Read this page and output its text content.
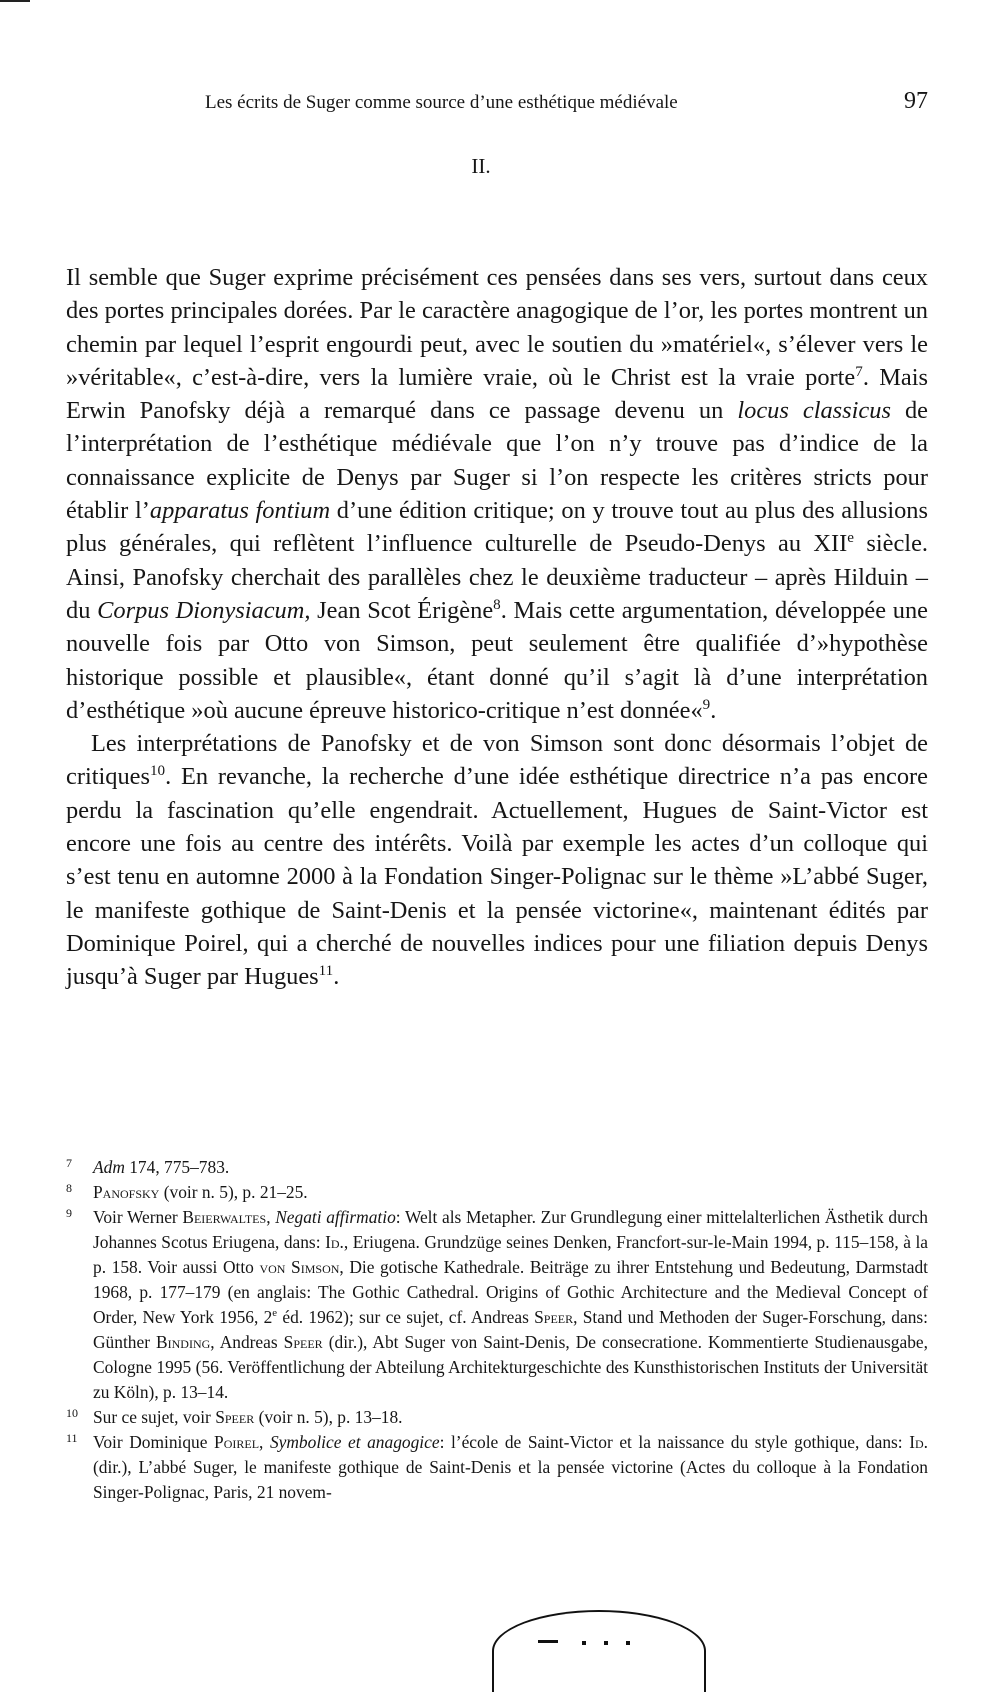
Les écrits de Suger comme source d’une esthétique médiévale	97
II.

Il semble que Suger exprime précisément ces pensées dans ses vers, surtout dans ceux des portes principales dorées. Par le caractère anagogique de l’or, les portes montrent un chemin par lequel l’esprit engourdi peut, avec le soutien du »matériel«, s’élever vers le »véritable«, c’est-à-dire, vers la lumière vraie, où le Christ est la vraie porte$^7$. Mais Erwin Panofsky déjà a remarqué dans ce passage devenu un locus classicus de l’interprétation de l’esthétique médiévale que l’on n’y trouve pas d’indice de la connaissance explicite de Denys par Suger si l’on respecte les critères stricts pour établir l’apparatus fontium d’une édition critique; on y trouve tout au plus des allusions plus générales, qui reflètent l’influence culturelle de Pseudo-Denys au XIIe siècle. Ainsi, Panofsky cherchait des parallèles chez le deuxième traducteur – après Hilduin – du Corpus Dionysiacum, Jean Scot Érigène$^8$. Mais cette argumentation, développée une nouvelle fois par Otto von Simson, peut seulement être qualifiée d’»hypothèse historique possible et plausible«, étant donné qu’il s’agit là d’une interprétation d’esthétique »où aucune épreuve historico-critique n’est donnée«$^9$.

Les interprétations de Panofsky et de von Simson sont donc désormais l’objet de critiques$^{10}$. En revanche, la recherche d’une idée esthétique directrice n’a pas encore perdu la fascination qu’elle engendrait. Actuellement, Hugues de Saint-Victor est encore une fois au centre des intérêts. Voilà par exemple les actes d’un colloque qui s’est tenu en automne 2000 à la Fondation Singer-Polignac sur le thème »L’abbé Suger, le manifeste gothique de Saint-Denis et la pensée victorine«, maintenant édités par Dominique Poirel, qui a cherché de nouvelles indices pour une filiation depuis Denys jusqu’à Suger par Hugues$^{11}$.

7	Adm 174, 775–783.
8	Panofsky (voir n. 5), p. 21–25.
9	Voir Werner Beierwaltes, Negati affirmatio: Welt als Metapher. Zur Grundlegung einer mittelalterlichen Ästhetik durch Johannes Scotus Eriugena, dans: Id., Eriugena. Grundzüge seines Denken, Francfort-sur-le-Main 1994, p. 115–158, à la p. 158. Voir aussi Otto von Simson, Die gotische Kathedrale. Beiträge zu ihrer Entstehung und Bedeutung, Darmstadt 1968, p. 177–179 (en anglais: The Gothic Cathedral. Origins of Gothic Architecture and the Medieval Concept of Order, New York 1956, 2e éd. 1962); sur ce sujet, cf. Andreas Speer, Stand und Methoden der Suger-Forschung, dans: Günther Binding, Andreas Speer (dir.), Abt Suger von Saint-Denis, De consecratione. Kommentierte Studienausgabe, Cologne 1995 (56. Veröffentlichung der Abteilung Architekturgeschichte des Kunsthistorischen Instituts der Universität zu Köln), p. 13–14.
10 Sur ce sujet, voir Speer (voir n. 5), p. 13–18.
11 Voir Dominique Poirel, Symbolice et anagogice: l’école de Saint-Victor et la naissance du style gothique, dans: Id. (dir.), L’abbé Suger, le manifeste gothique de Saint-Denis et la pensée victorine (Actes du colloque à la Fondation Singer-Polignac, Paris, 21 novem-
